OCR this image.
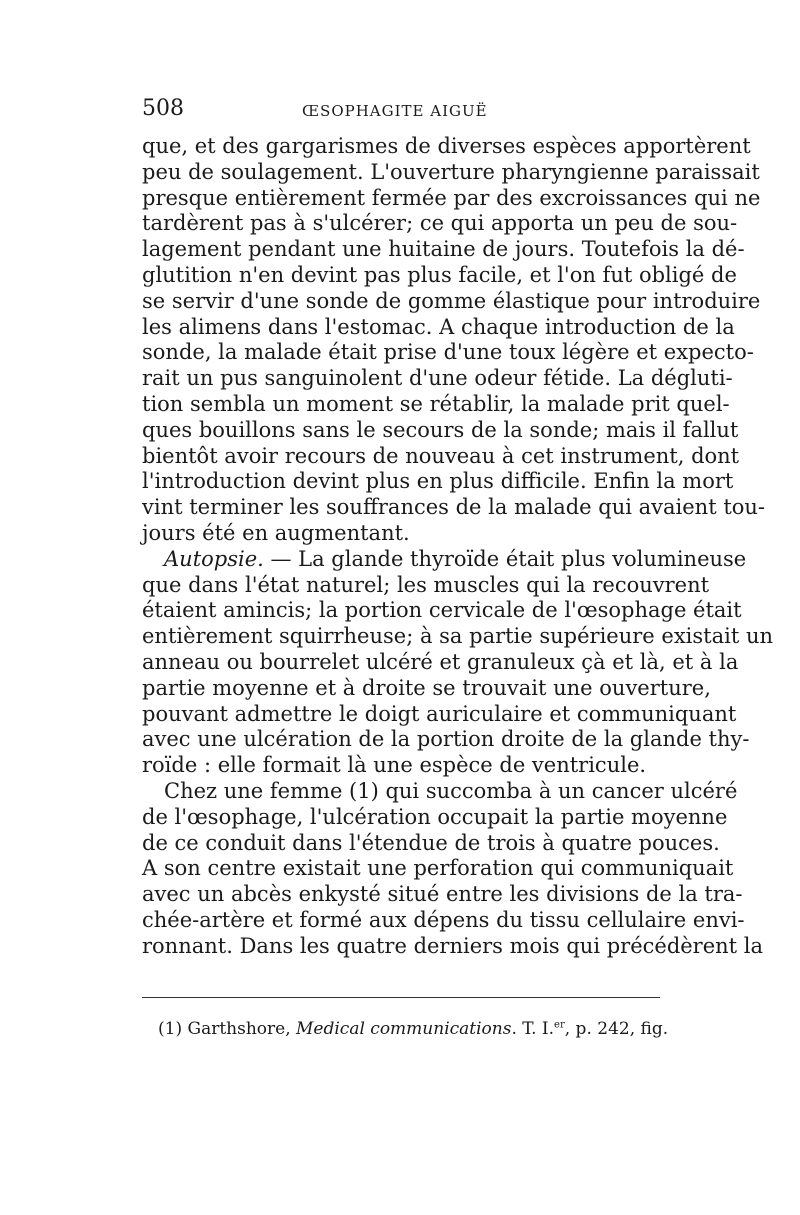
508	ŒSOPHAGITE AIGUË
que, et des gargarismes de diverses espèces apportèrent
peu de soulagement. L'ouverture pharyngienne paraissait
presque entièrement fermée par des excroissances qui ne
tardèrent pas à s'ulcérer; ce qui apporta un peu de sou-
lagement pendant une huitaine de jours. Toutefois la dé-
glutition n'en devint pas plus facile, et l'on fut obligé de
se servir d'une sonde de gomme élastique pour introduire
les alimens dans l'estomac. A chaque introduction de la
sonde, la malade était prise d'une toux légère et expecto-
rait un pus sanguinolent d'une odeur fétide. La dégluti-
tion sembla un moment se rétablir, la malade prit quel-
ques bouillons sans le secours de la sonde; mais il fallut
bientôt avoir recours de nouveau à cet instrument, dont
l'introduction devint plus en plus difficile. Enfin la mort
vint terminer les souffrances de la malade qui avaient tou-
jours été en augmentant.
Autopsie. — La glande thyroïde était plus volumineuse
que dans l'état naturel; les muscles qui la recouvrent
étaient amincis; la portion cervicale de l'œsophage était
entièrement squirrheuse; à sa partie supérieure existait un
anneau ou bourrelet ulcéré et granuleux çà et là, et à la
partie moyenne et à droite se trouvait une ouverture,
pouvant admettre le doigt auriculaire et communiquant
avec une ulcération de la portion droite de la glande thy-
roïde : elle formait là une espèce de ventricule.
Chez une femme (1) qui succomba à un cancer ulcéré
de l'œsophage, l'ulcération occupait la partie moyenne
de ce conduit dans l'étendue de trois à quatre pouces.
A son centre existait une perforation qui communiquait
avec un abcès enkysté situé entre les divisions de la tra-
chée-artère et formé aux dépens du tissu cellulaire envi-
ronnant. Dans les quatre derniers mois qui précédèrent la
(1) Garthshore, Medical communications. T. I.$^{er}$, p. 242, fig.
